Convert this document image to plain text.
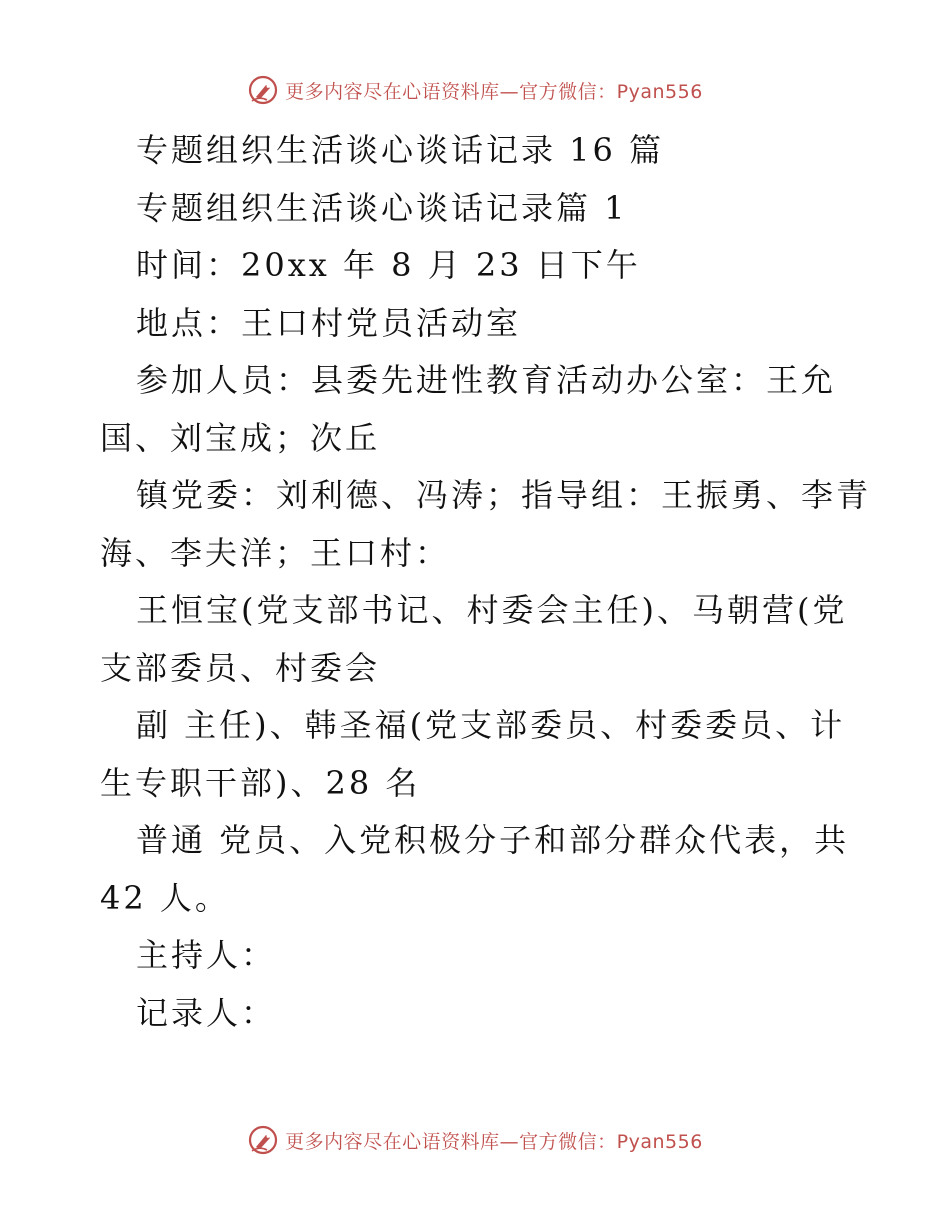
更多内容尽在心语资料库—官方微信：Pyan556
专题组织生活谈心谈话记录 16 篇
专题组织生活谈心谈话记录篇 1
时间：20xx 年 8 月 23 日下午
地点：王口村党员活动室
参加人员：县委先进性教育活动办公室：王允
国、刘宝成；次丘
镇党委：刘利德、冯涛；指导组：王振勇、李青
海、李夫洋；王口村：
王恒宝(党支部书记、村委会主任)、马朝营(党
支部委员、村委会
副 主任)、韩圣福(党支部委员、村委委员、计
生专职干部)、28 名
普通 党员、入党积极分子和部分群众代表，共
42 人。
主持人：
记录人：
更多内容尽在心语资料库—官方微信：Pyan556
